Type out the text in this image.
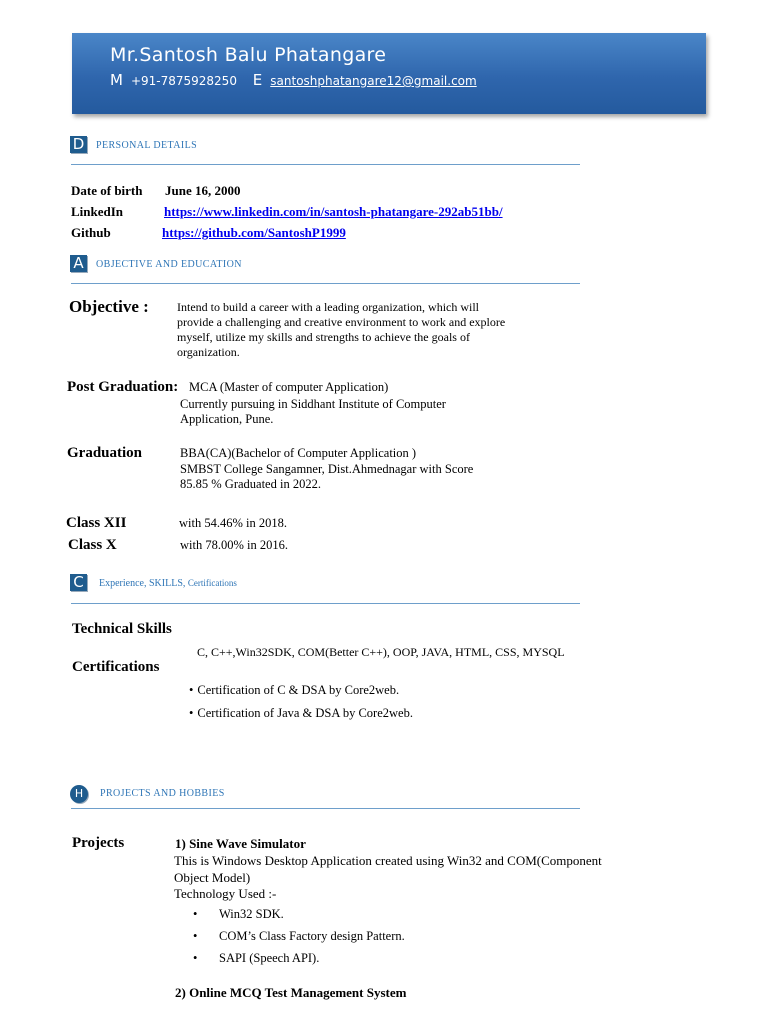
Mr.Santosh Balu Phatangare
M +91-7875928250 E santoshphatangare12@gmail.com
D PERSONAL DETAILS
Date of birth June 16, 2000
LinkedIn	https://www.linkedin.com/in/santosh-phatangare-292ab51bb/
Github	https://github.com/SantoshP1999
A	OBJECTIVE AND EDUCATION
Objective : Intend to build a career with a leading organization, which will
provide a challenging and creative environment to work and explore
myself, utilize my skills and strengths to achieve the goals of
organization.
Post Graduation: MCA (Master of computer Application)
Currently pursuing in Siddhant Institute of Computer
Application, Pune.
Graduation	BBA(CA)(Bachelor of Computer Application )
SMBST College Sangamner, Dist.Ahmednagar with Score
85.85 % Graduated in 2022.
Class XII	with 54.46% in 2018.
Class X	with 78.00% in 2016.
C	Experience, SKILLS, Certifications
Technical Skills
C, C++,Win32SDK, COM(Better C++), OOP, JAVA, HTML, CSS, MYSQL
Certifications
• Certification of C & DSA by Core2web.
• Certification of Java & DSA by Core2web.
H	PROJECTS AND HOBBIES
Projects	1) Sine Wave Simulator
This is Windows Desktop Application created using Win32 and COM(Component
Object Model)
Technology Used :-
• Win32 SDK.
• COM’s Class Factory design Pattern.
• SAPI (Speech API).
2) Online MCQ Test Management System
